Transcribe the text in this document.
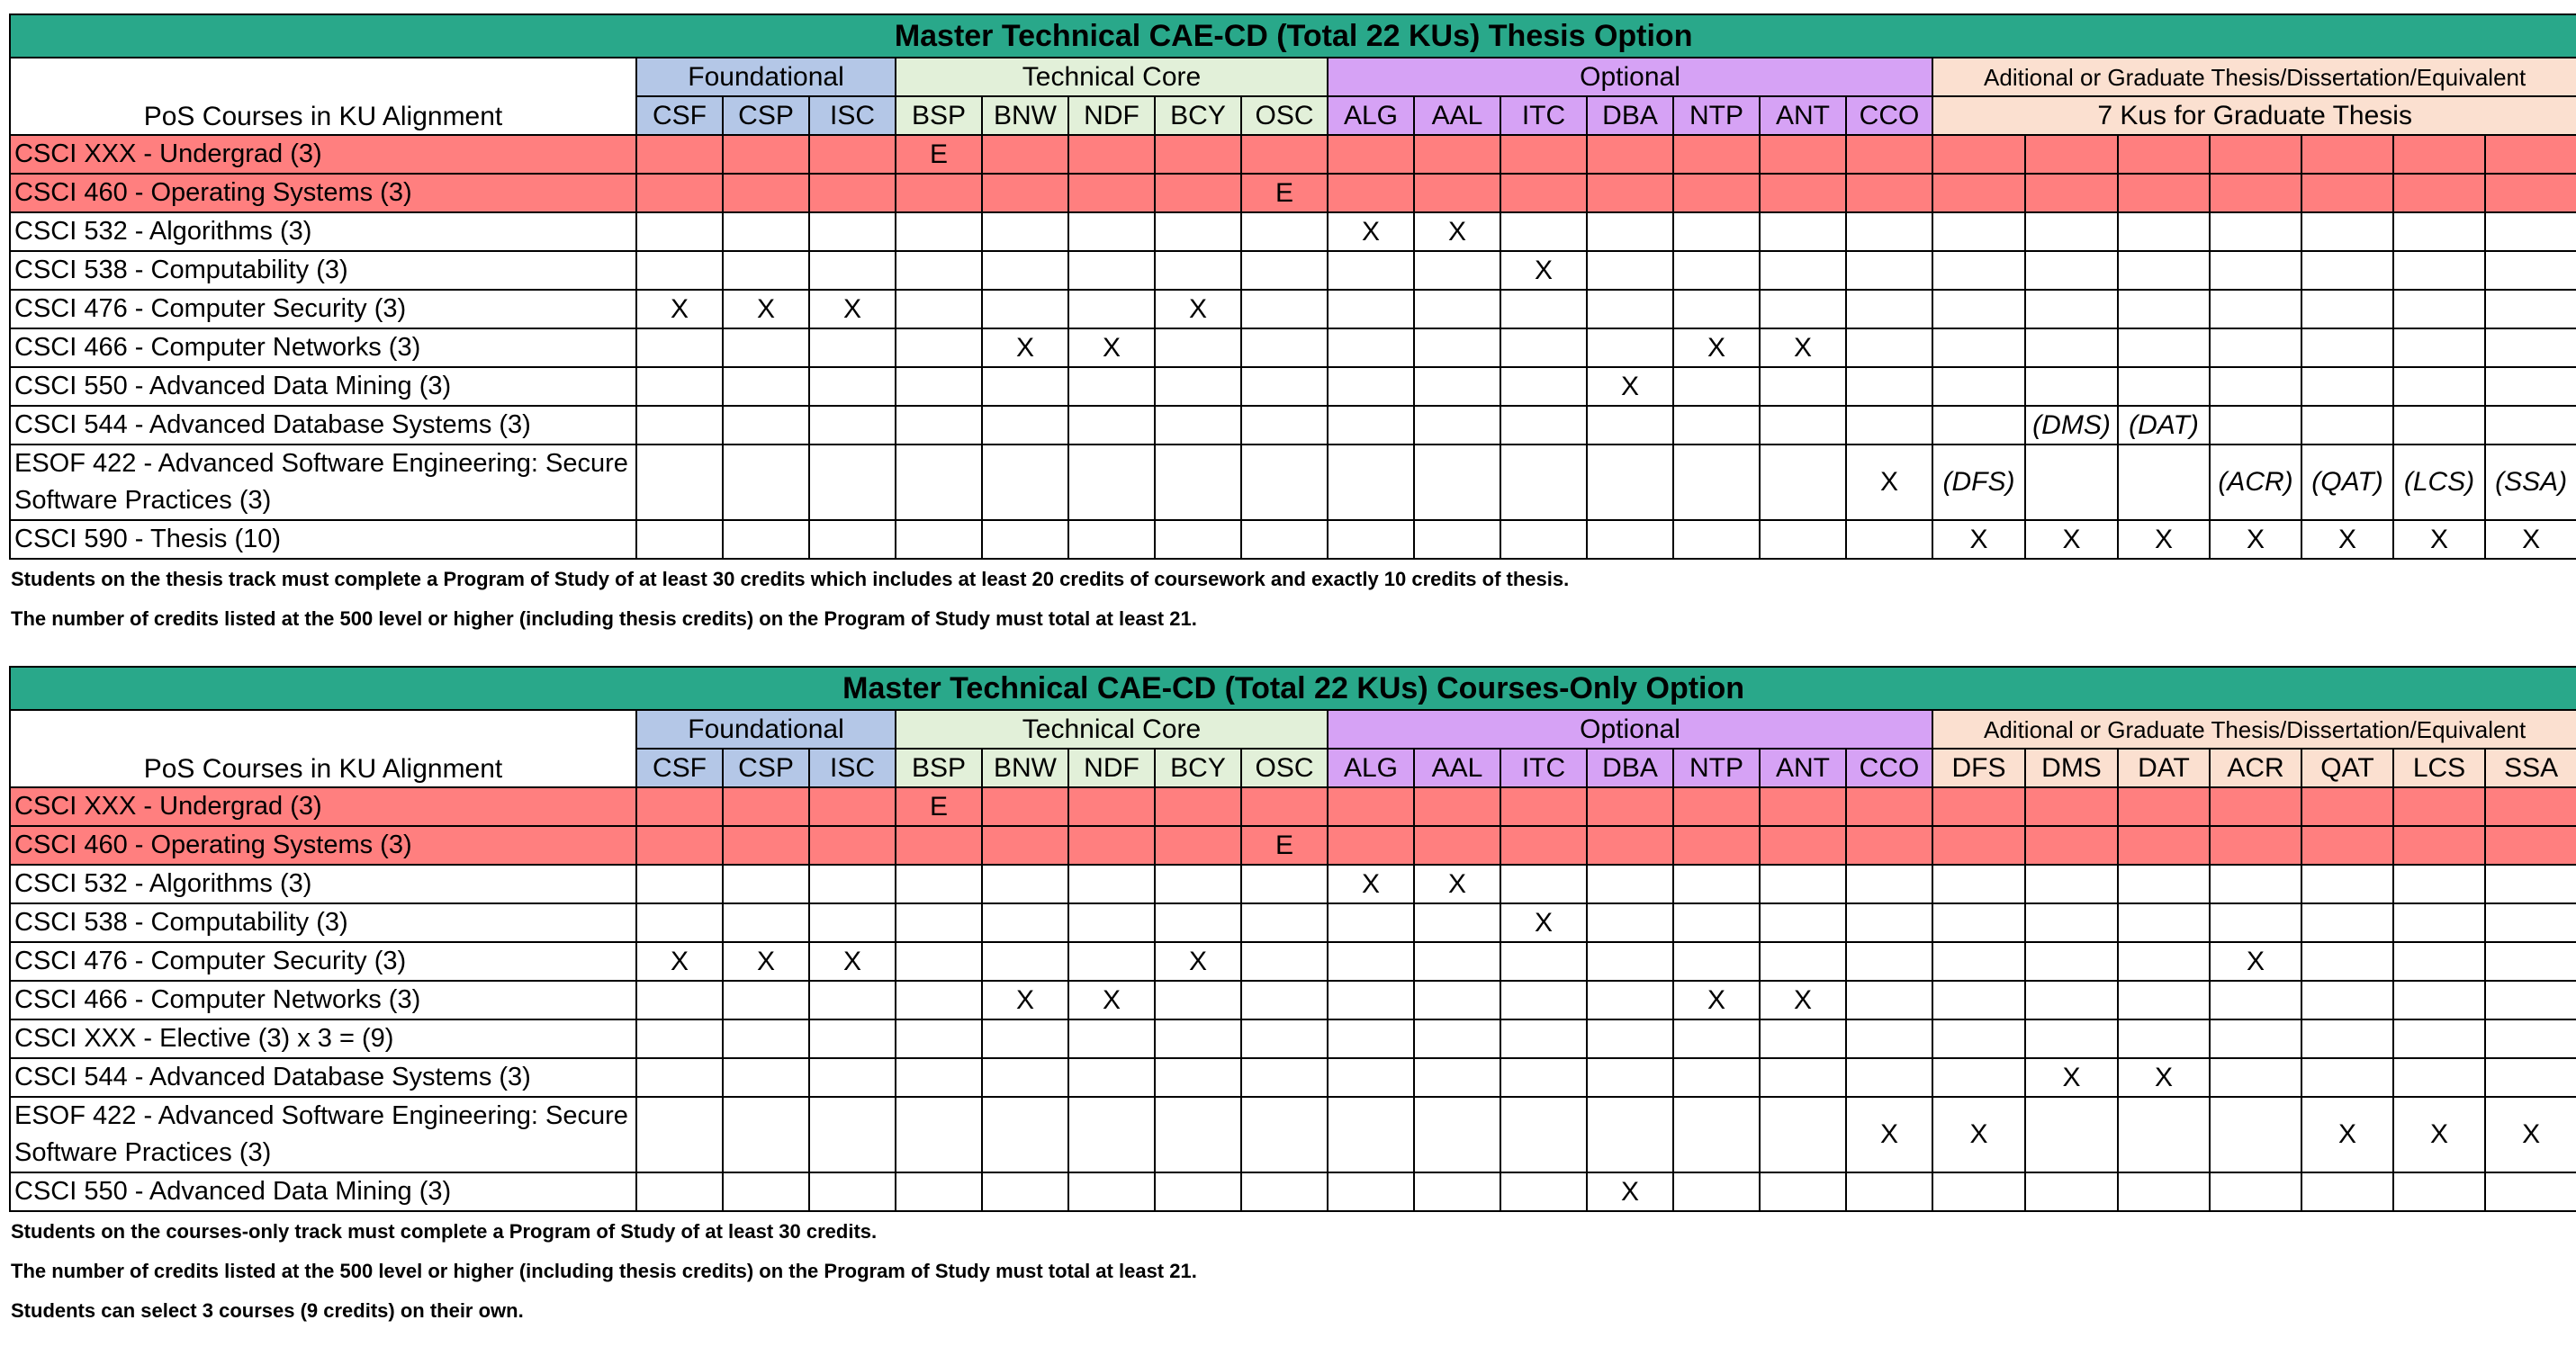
Master Technical CAE-CD (Total 22 KUs) Thesis Option																						
PoS Courses in KU Alignment	Foundational			Technical Core					Optional							Aditional or Graduate Thesis/Dissertation/Equivalent						
	CSF	CSP	ISC	BSP	BNW	NDF	BCY	OSC	ALG	AAL	ITC	DBA	NTP	ANT	CCO	7 Kus for Graduate Thesis						
CSCI XXX - Undergrad (3)				E																		
CSCI 460 - Operating Systems (3)								E														
CSCI 532 - Algorithms (3)									X	X												
CSCI 538 - Computability (3)											X											
CSCI 476 - Computer Security (3)	X	X	X				X															
CSCI 466 - Computer Networks (3)					X	X							X	X								
CSCI 550 - Advanced Data Mining (3)												X										
CSCI 544 - Advanced Database Systems (3)																	(DMS)	(DAT)				
ESOF 422 - Advanced Software Engineering: Secure Software Practices (3)															X	(DFS)			(ACR)	(QAT)	(LCS)	(SSA)
CSCI 590 - Thesis (10)																X	X	X	X	X	X	X
Students on the thesis track must complete a Program of Study of at least 30 credits which includes at least 20 credits of coursework and exactly 10 credits of thesis.
The number of credits listed at the 500 level or higher (including thesis credits) on the Program of Study must total at least 21.
Master Technical CAE-CD (Total 22 KUs) Courses-Only Option																						
PoS Courses in KU Alignment	Foundational			Technical Core					Optional							Aditional or Graduate Thesis/Dissertation/Equivalent						
	CSF	CSP	ISC	BSP	BNW	NDF	BCY	OSC	ALG	AAL	ITC	DBA	NTP	ANT	CCO	DFS	DMS	DAT	ACR	QAT	LCS	SSA
CSCI XXX - Undergrad (3)				E																		
CSCI 460 - Operating Systems (3)								E														
CSCI 532 - Algorithms (3)									X	X												
CSCI 538 - Computability (3)											X											
CSCI 476 - Computer Security (3)	X	X	X				X												X			
CSCI 466 - Computer Networks (3)					X	X							X	X								
CSCI XXX - Elective (3) x 3 = (9)																						
CSCI 544 - Advanced Database Systems (3)																	X	X				
ESOF 422 - Advanced Software Engineering: Secure Software Practices (3)															X	X				X	X	X
CSCI 550 - Advanced Data Mining (3)												X										
Students on the courses-only track must complete a Program of Study of at least 30 credits.
The number of credits listed at the 500 level or higher (including thesis credits) on the Program of Study must total at least 21.
Students can select 3 courses (9 credits) on their own.
